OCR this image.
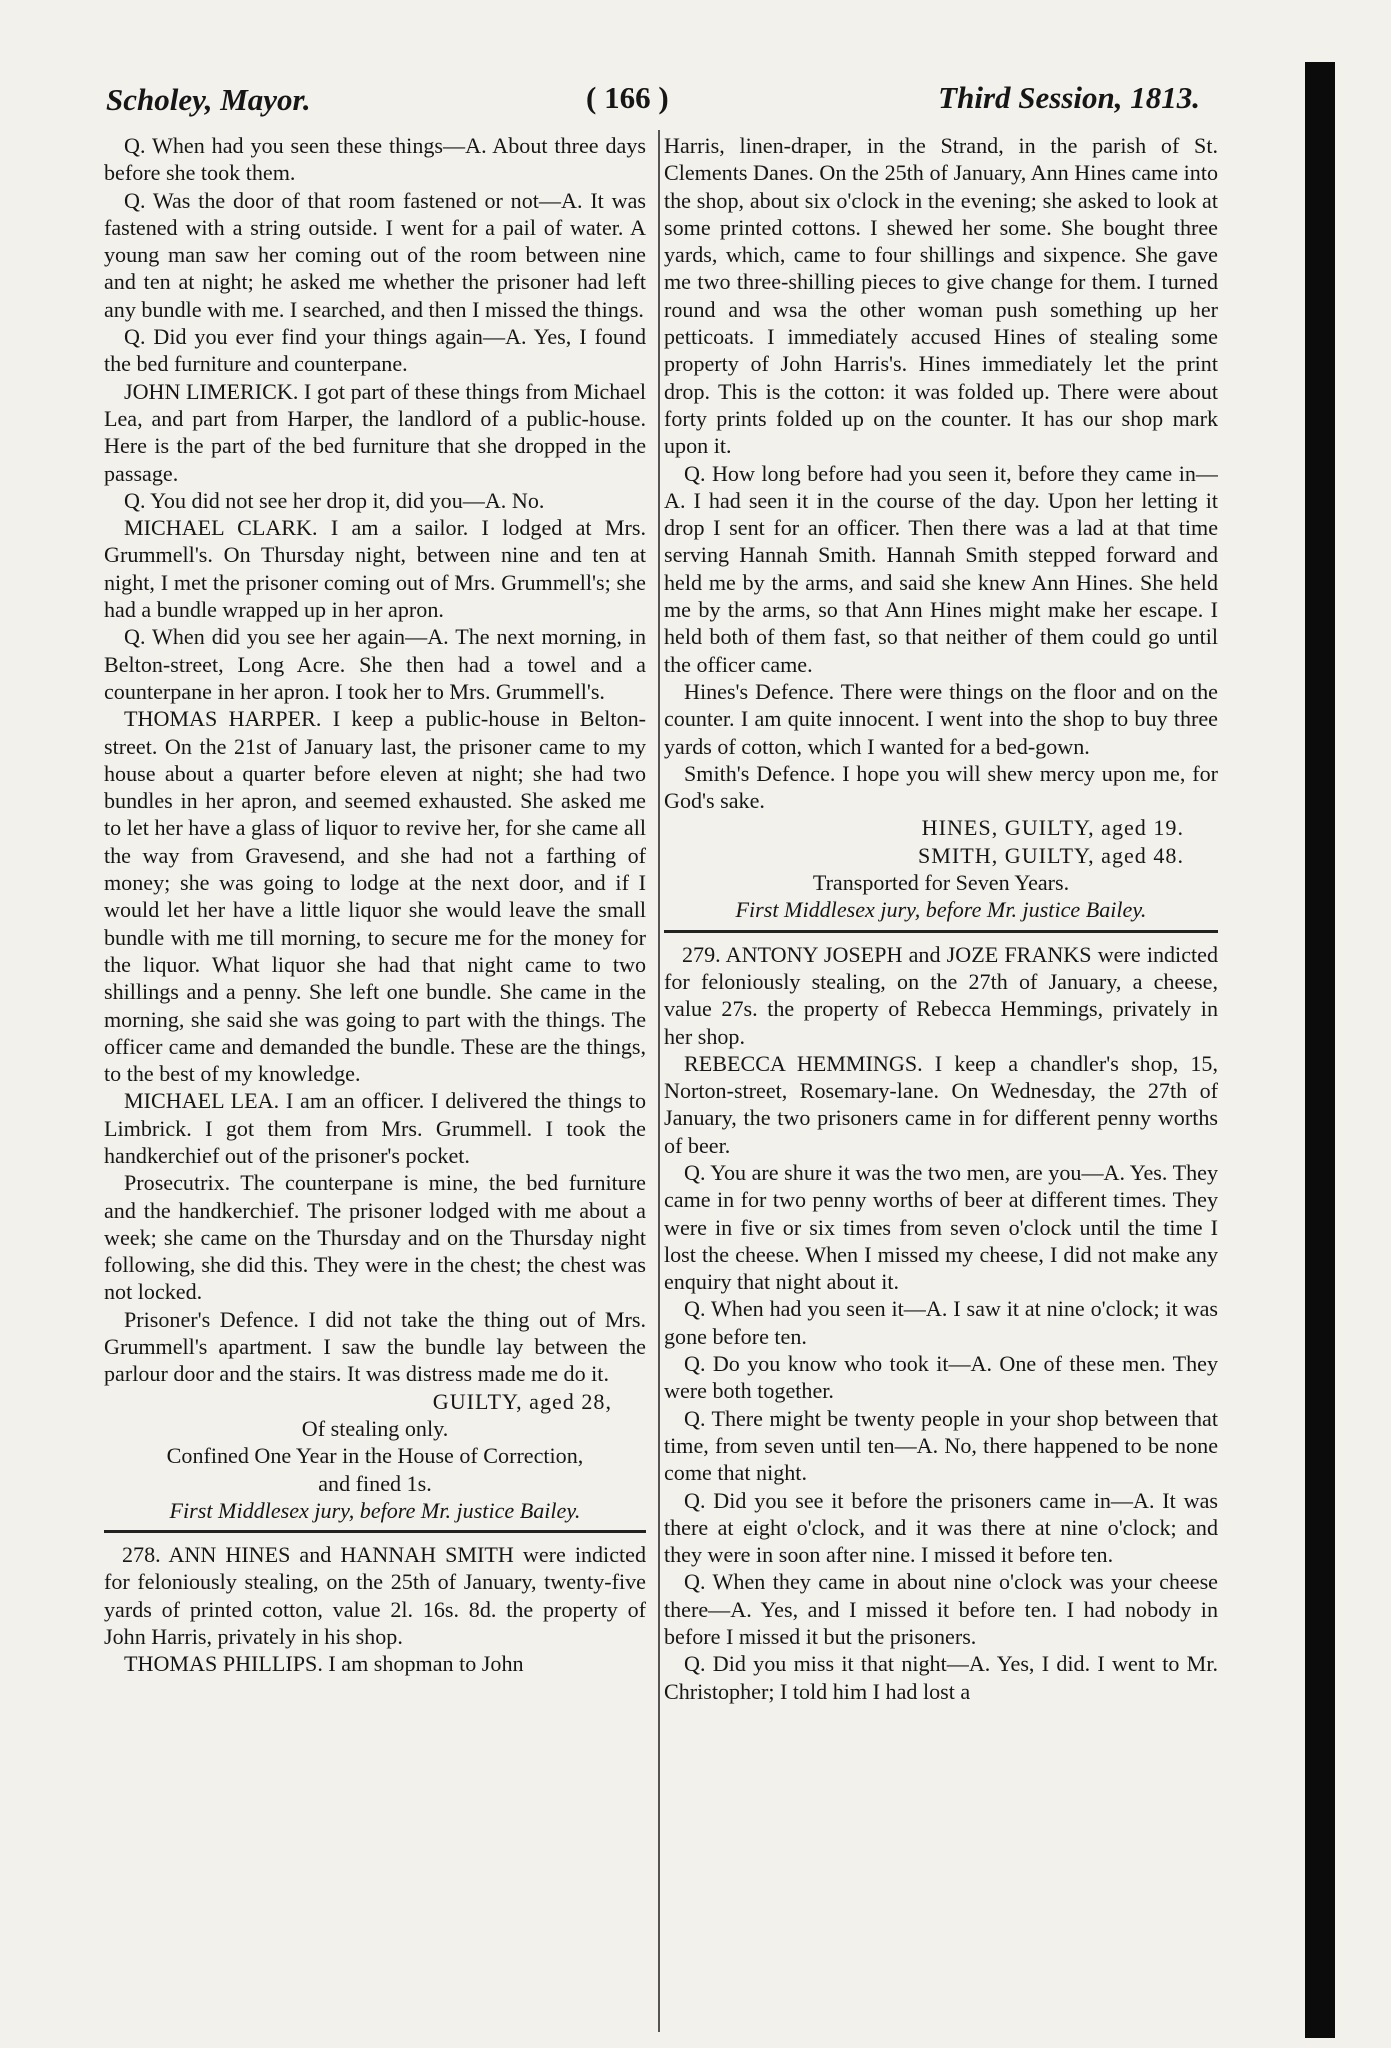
Scholey, Mayor.	( 166 )	Third Session, 1813.

Q. When had you seen these things—A. About three days before she took them.

Q. Was the door of that room fastened or not—A. It was fastened with a string outside. I went for a pail of water. A young man saw her coming out of the room between nine and ten at night; he asked me whether the prisoner had left any bundle with me. I searched, and then I missed the things.

Q. Did you ever find your things again—A. Yes, I found the bed furniture and counterpane.

JOHN LIMERICK. I got part of these things from Michael Lea, and part from Harper, the landlord of a public-house. Here is the part of the bed furniture that she dropped in the passage.

Q. You did not see her drop it, did you—A. No.

MICHAEL CLARK. I am a sailor. I lodged at Mrs. Grummell's. On Thursday night, between nine and ten at night, I met the prisoner coming out of Mrs. Grummell's; she had a bundle wrapped up in her apron.

Q. When did you see her again—A. The next morning, in Belton-street, Long Acre. She then had a towel and a counterpane in her apron. I took her to Mrs. Grummell's.

THOMAS HARPER. I keep a public-house in Belton-street. On the 21st of January last, the prisoner came to my house about a quarter before eleven at night; she had two bundles in her apron, and seemed exhausted. She asked me to let her have a glass of liquor to revive her, for she came all the way from Gravesend, and she had not a farthing of money; she was going to lodge at the next door, and if I would let her have a little liquor she would leave the small bundle with me till morning, to secure me for the money for the liquor. What liquor she had that night came to two shillings and a penny. She left one bundle. She came in the morning, she said she was going to part with the things. The officer came and demanded the bundle. These are the things, to the best of my knowledge.

MICHAEL LEA. I am an officer. I delivered the things to Limbrick. I got them from Mrs. Grummell. I took the handkerchief out of the prisoner's pocket.

Prosecutrix. The counterpane is mine, the bed furniture and the handkerchief. The prisoner lodged with me about a week; she came on the Thursday and on the Thursday night following, she did this. They were in the chest; the chest was not locked.

Prisoner's Defence. I did not take the thing out of Mrs. Grummell's apartment. I saw the bundle lay between the parlour door and the stairs. It was distress made me do it.

GUILTY, aged 28,

Of stealing only.

Confined One Year in the House of Correction,

and fined 1s.

First Middlesex jury, before Mr. justice Bailey.

278. ANN HINES and HANNAH SMITH were indicted for feloniously stealing, on the 25th of January, twenty-five yards of printed cotton, value 2l. 16s. 8d. the property of John Harris, privately in his shop.

THOMAS PHILLIPS. I am shopman to John

Harris, linen-draper, in the Strand, in the parish of St. Clements Danes. On the 25th of January, Ann Hines came into the shop, about six o'clock in the evening; she asked to look at some printed cottons. I shewed her some. She bought three yards, which, came to four shillings and sixpence. She gave me two three-shilling pieces to give change for them. I turned round and wsa the other woman push something up her petticoats. I immediately accused Hines of stealing some property of John Harris's. Hines immediately let the print drop. This is the cotton: it was folded up. There were about forty prints folded up on the counter. It has our shop mark upon it.

Q. How long before had you seen it, before they came in—A. I had seen it in the course of the day. Upon her letting it drop I sent for an officer. Then there was a lad at that time serving Hannah Smith. Hannah Smith stepped forward and held me by the arms, and said she knew Ann Hines. She held me by the arms, so that Ann Hines might make her escape. I held both of them fast, so that neither of them could go until the officer came.

Hines's Defence. There were things on the floor and on the counter. I am quite innocent. I went into the shop to buy three yards of cotton, which I wanted for a bed-gown.

Smith's Defence. I hope you will shew mercy upon me, for God's sake.

HINES, GUILTY, aged 19.

SMITH, GUILTY, aged 48.

Transported for Seven Years.

First Middlesex jury, before Mr. justice Bailey.

279. ANTONY JOSEPH and JOZE FRANKS were indicted for feloniously stealing, on the 27th of January, a cheese, value 27s. the property of Rebecca Hemmings, privately in her shop.

REBECCA HEMMINGS. I keep a chandler's shop, 15, Norton-street, Rosemary-lane. On Wednesday, the 27th of January, the two prisoners came in for different penny worths of beer.

Q. You are shure it was the two men, are you—A. Yes. They came in for two penny worths of beer at different times. They were in five or six times from seven o'clock until the time I lost the cheese. When I missed my cheese, I did not make any enquiry that night about it.

Q. When had you seen it—A. I saw it at nine o'clock; it was gone before ten.

Q. Do you know who took it—A. One of these men. They were both together.

Q. There might be twenty people in your shop between that time, from seven until ten—A. No, there happened to be none come that night.

Q. Did you see it before the prisoners came in—A. It was there at eight o'clock, and it was there at nine o'clock; and they were in soon after nine. I missed it before ten.

Q. When they came in about nine o'clock was your cheese there—A. Yes, and I missed it before ten. I had nobody in before I missed it but the prisoners.

Q. Did you miss it that night—A. Yes, I did. I went to Mr. Christopher; I told him I had lost a
